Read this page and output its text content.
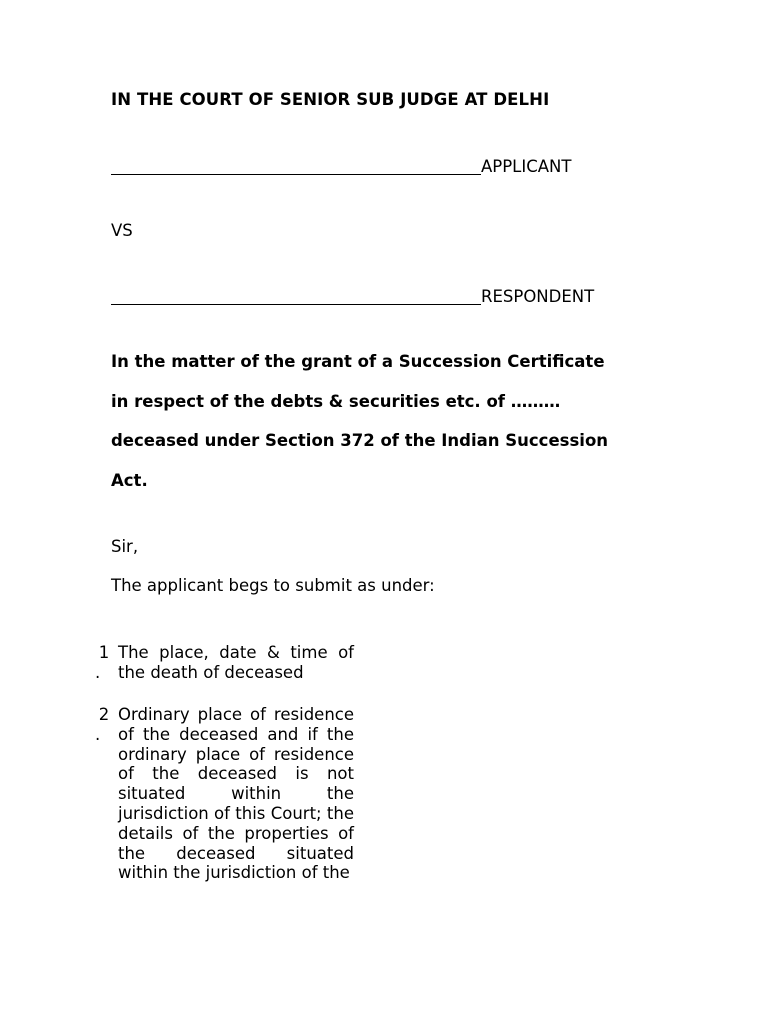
IN THE COURT OF SENIOR SUB JUDGE AT DELHI
APPLICANT
VS
RESPONDENT
In the matter of the grant of a Succession Certificate
in respect of the debts & securities etc. of ………
deceased under Section 372 of the Indian Succession
Act.
Sir,
The applicant begs to submit as under:
1
.
The place, date & time of the death of deceased
2
.
Ordinary place of residence of the deceased and if the ordinary place of residence of the deceased is not situated within the jurisdiction of this Court; the details of the properties of the deceased situated within the jurisdiction of the
